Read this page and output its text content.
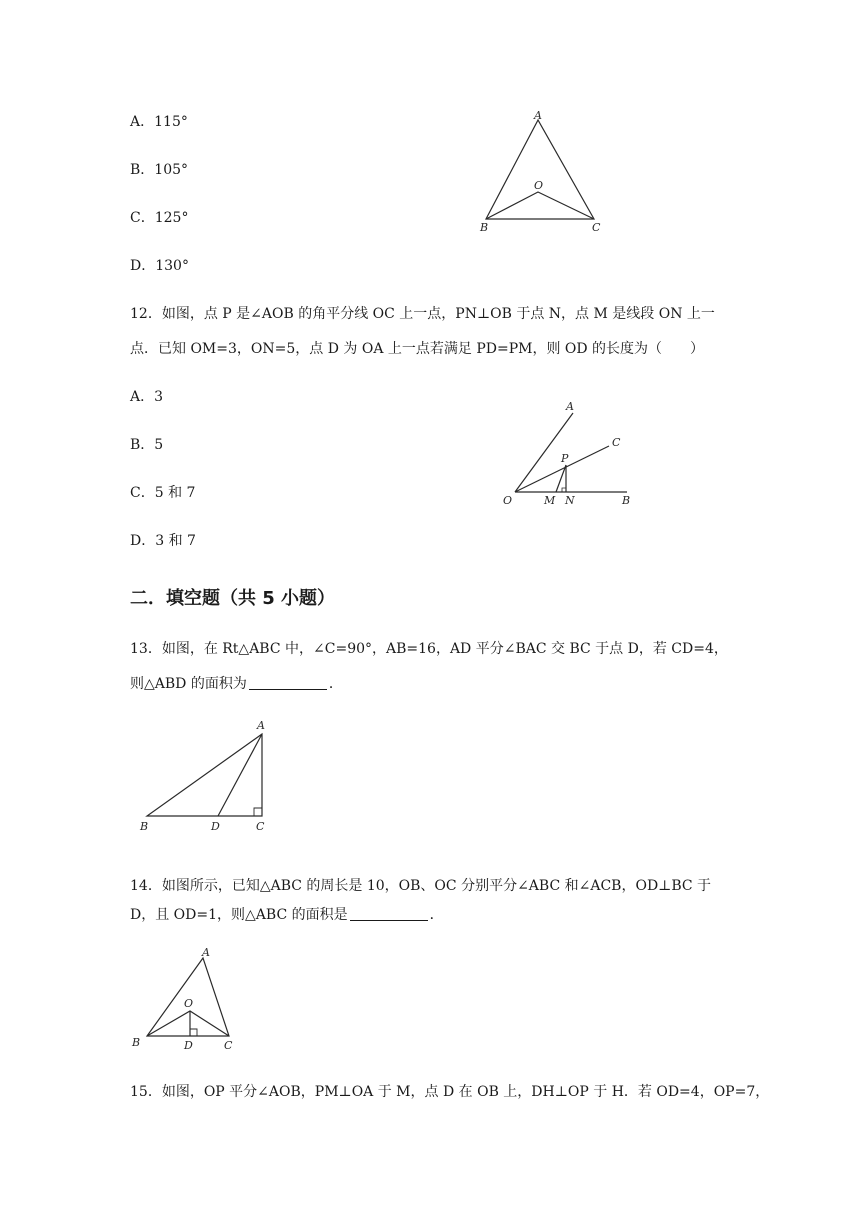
A．115°
B．105°
C．125°
D．130°
A
O
B	C
12．如图，点 P 是∠AOB 的角平分线 OC 上一点，PN⊥OB 于点 N，点 M 是线段 ON 上一
点．已知 OM=3，ON=5，点 D 为 OA 上一点若满足 PD=PM，则 OD 的长度为（　　）
A．3
B．5
C．5 和 7
D．3 和 7
A
C
P
O	M N	B
二．填空题（共 5 小题）
13．如图，在 Rt△ABC 中，∠C=90°，AB=16，AD 平分∠BAC 交 BC 于点 D，若 CD=4，
则△ABD 的面积为	．
A
B	D	C
14．如图所示，已知△ABC 的周长是 10，OB、OC 分别平分∠ABC 和∠ACB，OD⊥BC 于
D，且 OD=1，则△ABC 的面积是	．
A
O
B	D	C
15．如图，OP 平分∠AOB，PM⊥OA 于 M，点 D 在 OB 上，DH⊥OP 于 H．若 OD=4，OP=7，
